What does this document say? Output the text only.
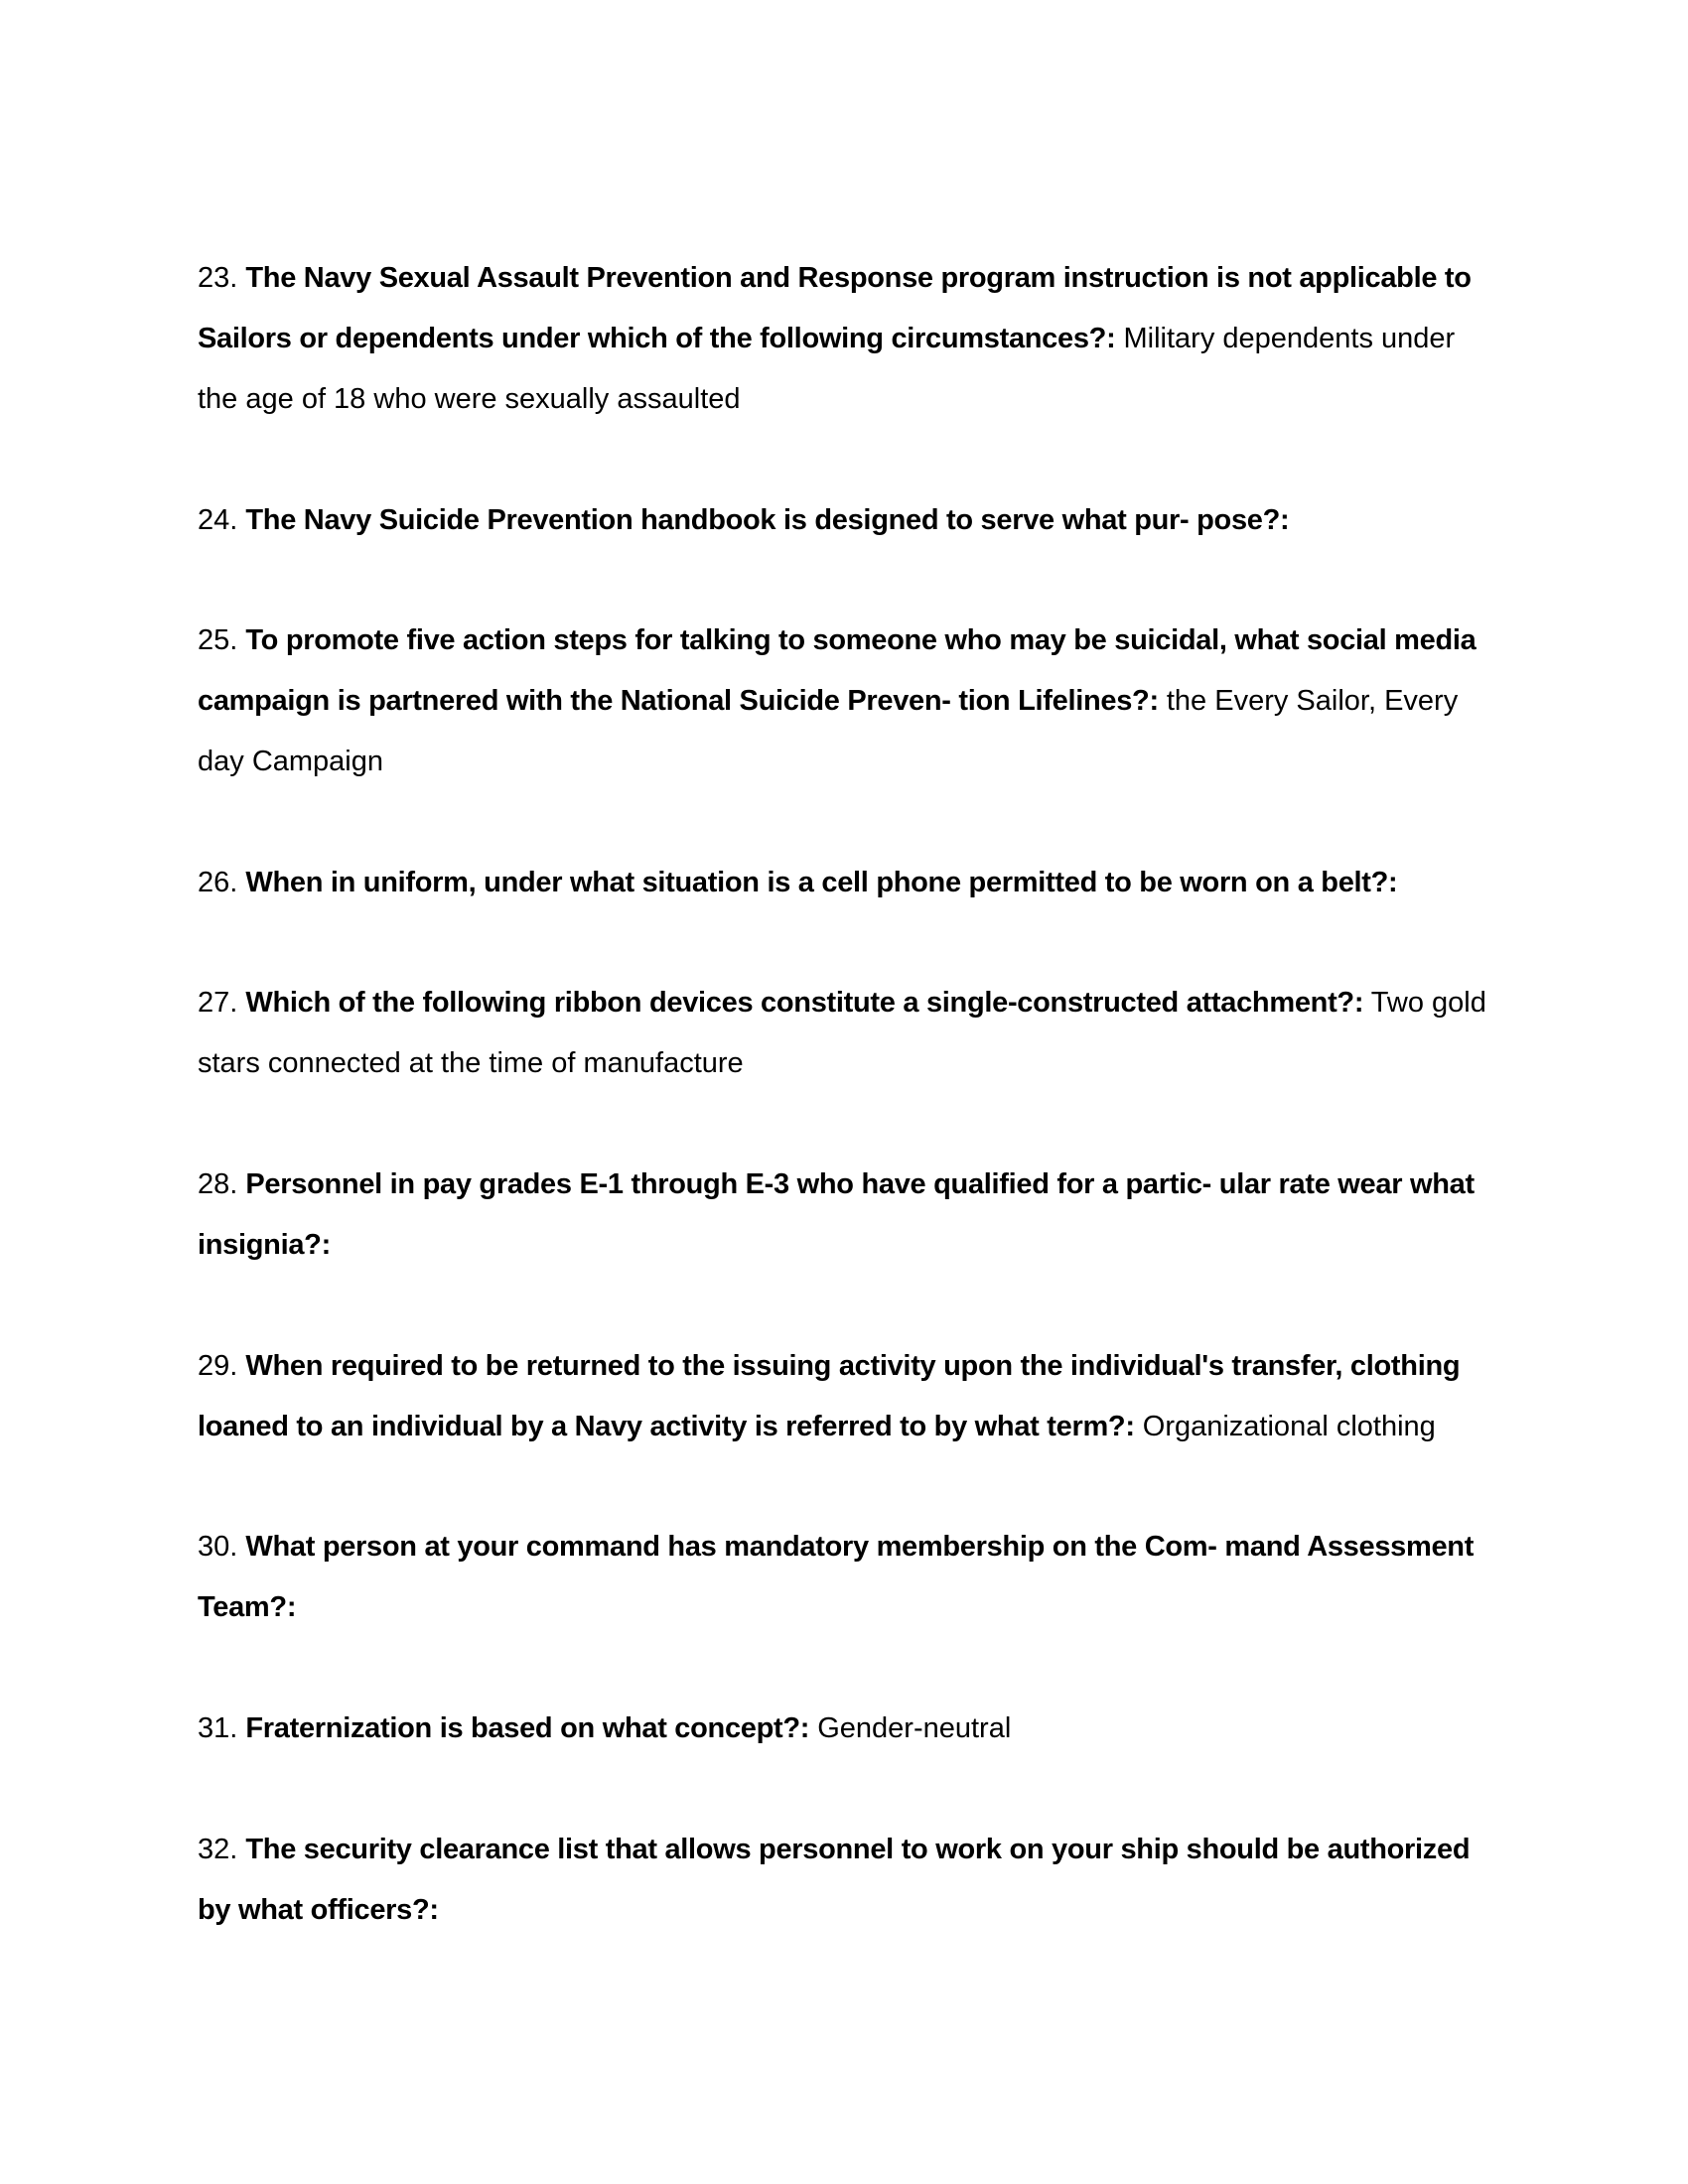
23. The Navy Sexual Assault Prevention and Response program instruction is not applicable to Sailors or dependents under which of the following circumstances?: Military dependents under the age of 18 who were sexually assaulted

24. The Navy Suicide Prevention handbook is designed to serve what pur- pose?:

25. To promote five action steps for talking to someone who may be suicidal, what social media campaign is partnered with the National Suicide Preven- tion Lifelines?: the Every Sailor, Every day Campaign

26. When in uniform, under what situation is a cell phone permitted to be worn on a belt?:

27. Which of the following ribbon devices constitute a single-constructed attachment?: Two gold stars connected at the time of manufacture

28. Personnel in pay grades E-1 through E-3 who have qualified for a partic- ular rate wear what insignia?:

29. When required to be returned to the issuing activity upon the individual's transfer, clothing loaned to an individual by a Navy activity is referred to by what term?: Organizational clothing

30. What person at your command has mandatory membership on the Com- mand Assessment Team?:

31. Fraternization is based on what concept?: Gender-neutral

32. The security clearance list that allows personnel to work on your ship should be authorized by what officers?:
